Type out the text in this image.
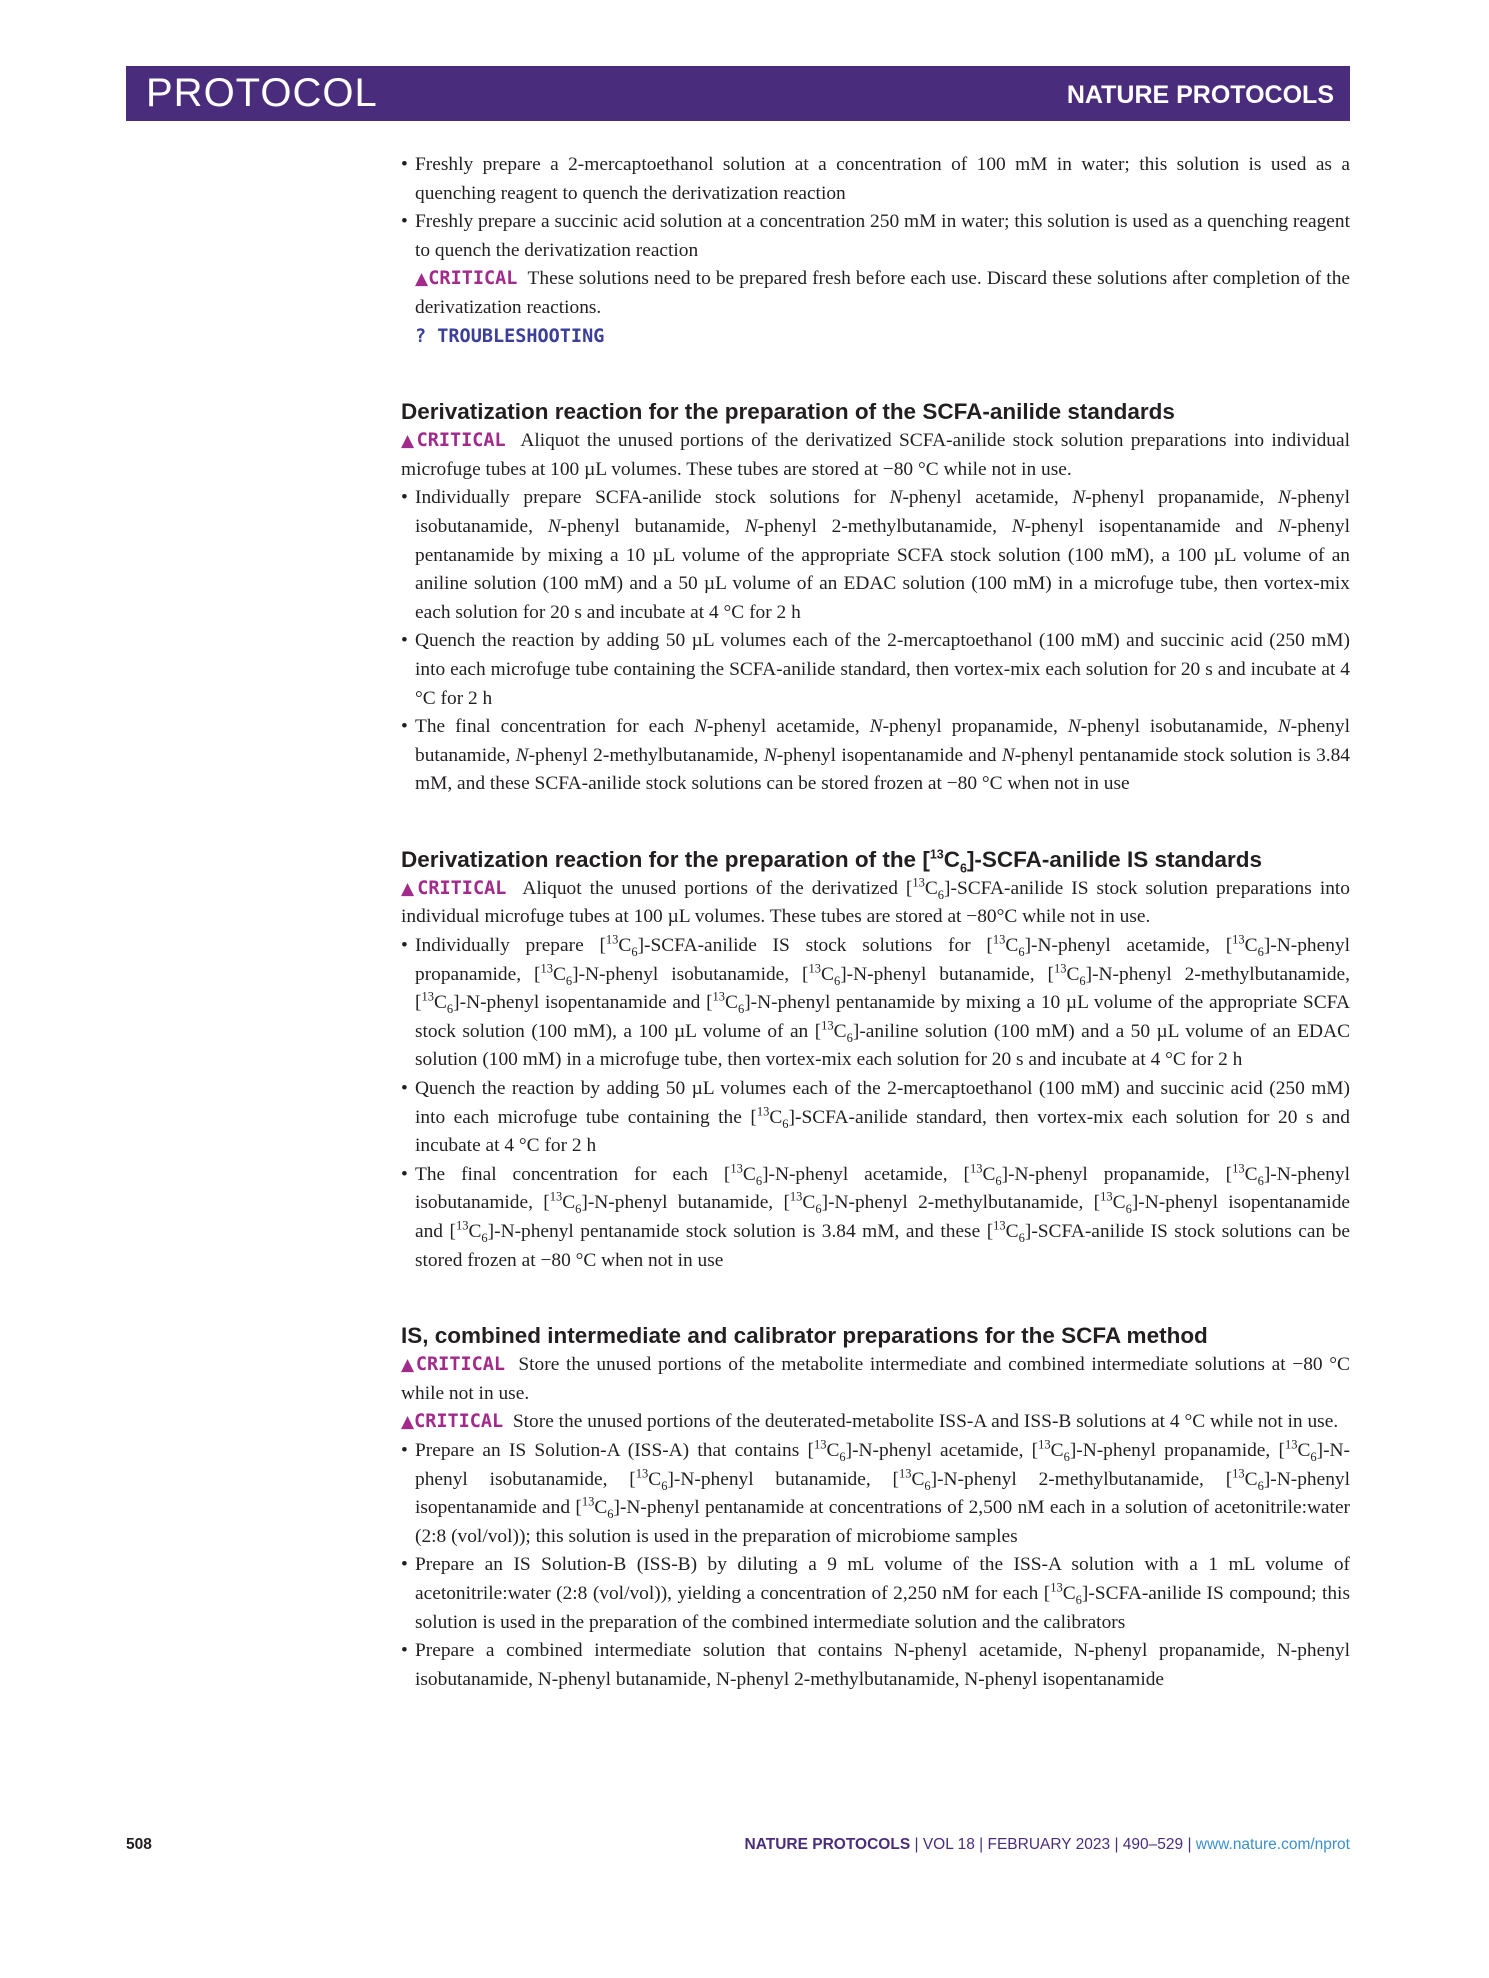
PROTOCOL	NATURE PROTOCOLS
• Freshly prepare a 2-mercaptoethanol solution at a concentration of 100 mM in water; this solution is used as a quenching reagent to quench the derivatization reaction
• Freshly prepare a succinic acid solution at a concentration 250 mM in water; this solution is used as a quenching reagent to quench the derivatization reaction
▲CRITICAL These solutions need to be prepared fresh before each use. Discard these solutions after completion of the derivatization reactions.
? TROUBLESHOOTING
Derivatization reaction for the preparation of the SCFA-anilide standards
▲CRITICAL Aliquot the unused portions of the derivatized SCFA-anilide stock solution preparations into individual microfuge tubes at 100 µL volumes. These tubes are stored at −80 °C while not in use.
• Individually prepare SCFA-anilide stock solutions for N-phenyl acetamide, N-phenyl propanamide, N-phenyl isobutanamide, N-phenyl butanamide, N-phenyl 2-methylbutanamide, N-phenyl isopentanamide and N-phenyl pentanamide by mixing a 10 µL volume of the appropriate SCFA stock solution (100 mM), a 100 µL volume of an aniline solution (100 mM) and a 50 µL volume of an EDAC solution (100 mM) in a microfuge tube, then vortex-mix each solution for 20 s and incubate at 4 °C for 2 h
• Quench the reaction by adding 50 µL volumes each of the 2-mercaptoethanol (100 mM) and succinic acid (250 mM) into each microfuge tube containing the SCFA-anilide standard, then vortex-mix each solution for 20 s and incubate at 4 °C for 2 h
• The final concentration for each N-phenyl acetamide, N-phenyl propanamide, N-phenyl isobutanamide, N-phenyl butanamide, N-phenyl 2-methylbutanamide, N-phenyl isopentanamide and N-phenyl pentanamide stock solution is 3.84 mM, and these SCFA-anilide stock solutions can be stored frozen at −80 °C when not in use
Derivatization reaction for the preparation of the $[^{13}C_6]-SCFA$-anilide IS standards
▲CRITICAL Aliquot the unused portions of the derivatized $[^{13}C_6]-SCFA$-anilide IS stock solution preparations into individual microfuge tubes at 100 µL volumes. These tubes are stored at −80°C while not in use.
• Individually prepare $[^{13}C_6]-SCFA$-anilide IS stock solutions for $[^{13}C_6]-N$-phenyl acetamide, $[^{13}C_6]-N$-phenyl propanamide, $[^{13}C_6]-N$-phenyl isobutanamide, $[^{13}C_6]-N$-phenyl butanamide, $[^{13}C_6]-N$-phenyl 2-methylbutanamide, $[^{13}C_6]-N$-phenyl isopentanamide and $[^{13}C_6]-N$-phenyl pentanamide by mixing a 10 µL volume of the appropriate SCFA stock solution (100 mM), a 100 µL volume of an $[^{13}C_6]$-aniline solution (100 mM) and a 50 µL volume of an EDAC solution (100 mM) in a microfuge tube, then vortex-mix each solution for 20 s and incubate at 4 °C for 2 h
• Quench the reaction by adding 50 µL volumes each of the 2-mercaptoethanol (100 mM) and succinic acid (250 mM) into each microfuge tube containing the $[^{13}C_6]-SCFA$-anilide standard, then vortex-mix each solution for 20 s and incubate at 4 °C for 2 h
• The final concentration for each $[^{13}C_6]-N$-phenyl acetamide, $[^{13}C_6]-N$-phenyl propanamide, $[^{13}C_6]-N$-phenyl isobutanamide, $[^{13}C_6]-N$-phenyl butanamide, $[^{13}C_6]-N$-phenyl 2-methylbutanamide, $[^{13}C_6]-N$-phenyl isopentanamide and $[^{13}C_6]-N$-phenyl pentanamide stock solution is 3.84 mM, and these $[^{13}C_6]-SCFA$-anilide IS stock solutions can be stored frozen at −80 °C when not in use
IS, combined intermediate and calibrator preparations for the SCFA method
▲CRITICAL Store the unused portions of the metabolite intermediate and combined intermediate solutions at −80 °C while not in use.
▲CRITICAL Store the unused portions of the deuterated-metabolite ISS-A and ISS-B solutions at 4 °C while not in use.
• Prepare an IS Solution-A (ISS-A) that contains $[^{13}C_6]-N$-phenyl acetamide, $[^{13}C_6]-N$-phenyl propanamide, $[^{13}C_6]-N$-phenyl isobutanamide, $[^{13}C_6]-N$-phenyl butanamide, $[^{13}C_6]-N$-phenyl 2-methylbutanamide, $[^{13}C_6]-N$-phenyl isopentanamide and $[^{13}C_6]-N$-phenyl pentanamide at concentrations of 2,500 nM each in a solution of acetonitrile:water (2:8 (vol/vol)); this solution is used in the preparation of microbiome samples
• Prepare an IS Solution-B (ISS-B) by diluting a 9 mL volume of the ISS-A solution with a 1 mL volume of acetonitrile:water (2:8 (vol/vol)), yielding a concentration of 2,250 nM for each $[^{13}C_6]-SCFA$-anilide IS compound; this solution is used in the preparation of the combined intermediate solution and the calibrators
• Prepare a combined intermediate solution that contains N-phenyl acetamide, N-phenyl propanamide, N-phenyl isobutanamide, N-phenyl butanamide, N-phenyl 2-methylbutanamide, N-phenyl isopentanamide
508	NATURE PROTOCOLS | VOL 18 | FEBRUARY 2023 | 490–529 | www.nature.com/nprot
